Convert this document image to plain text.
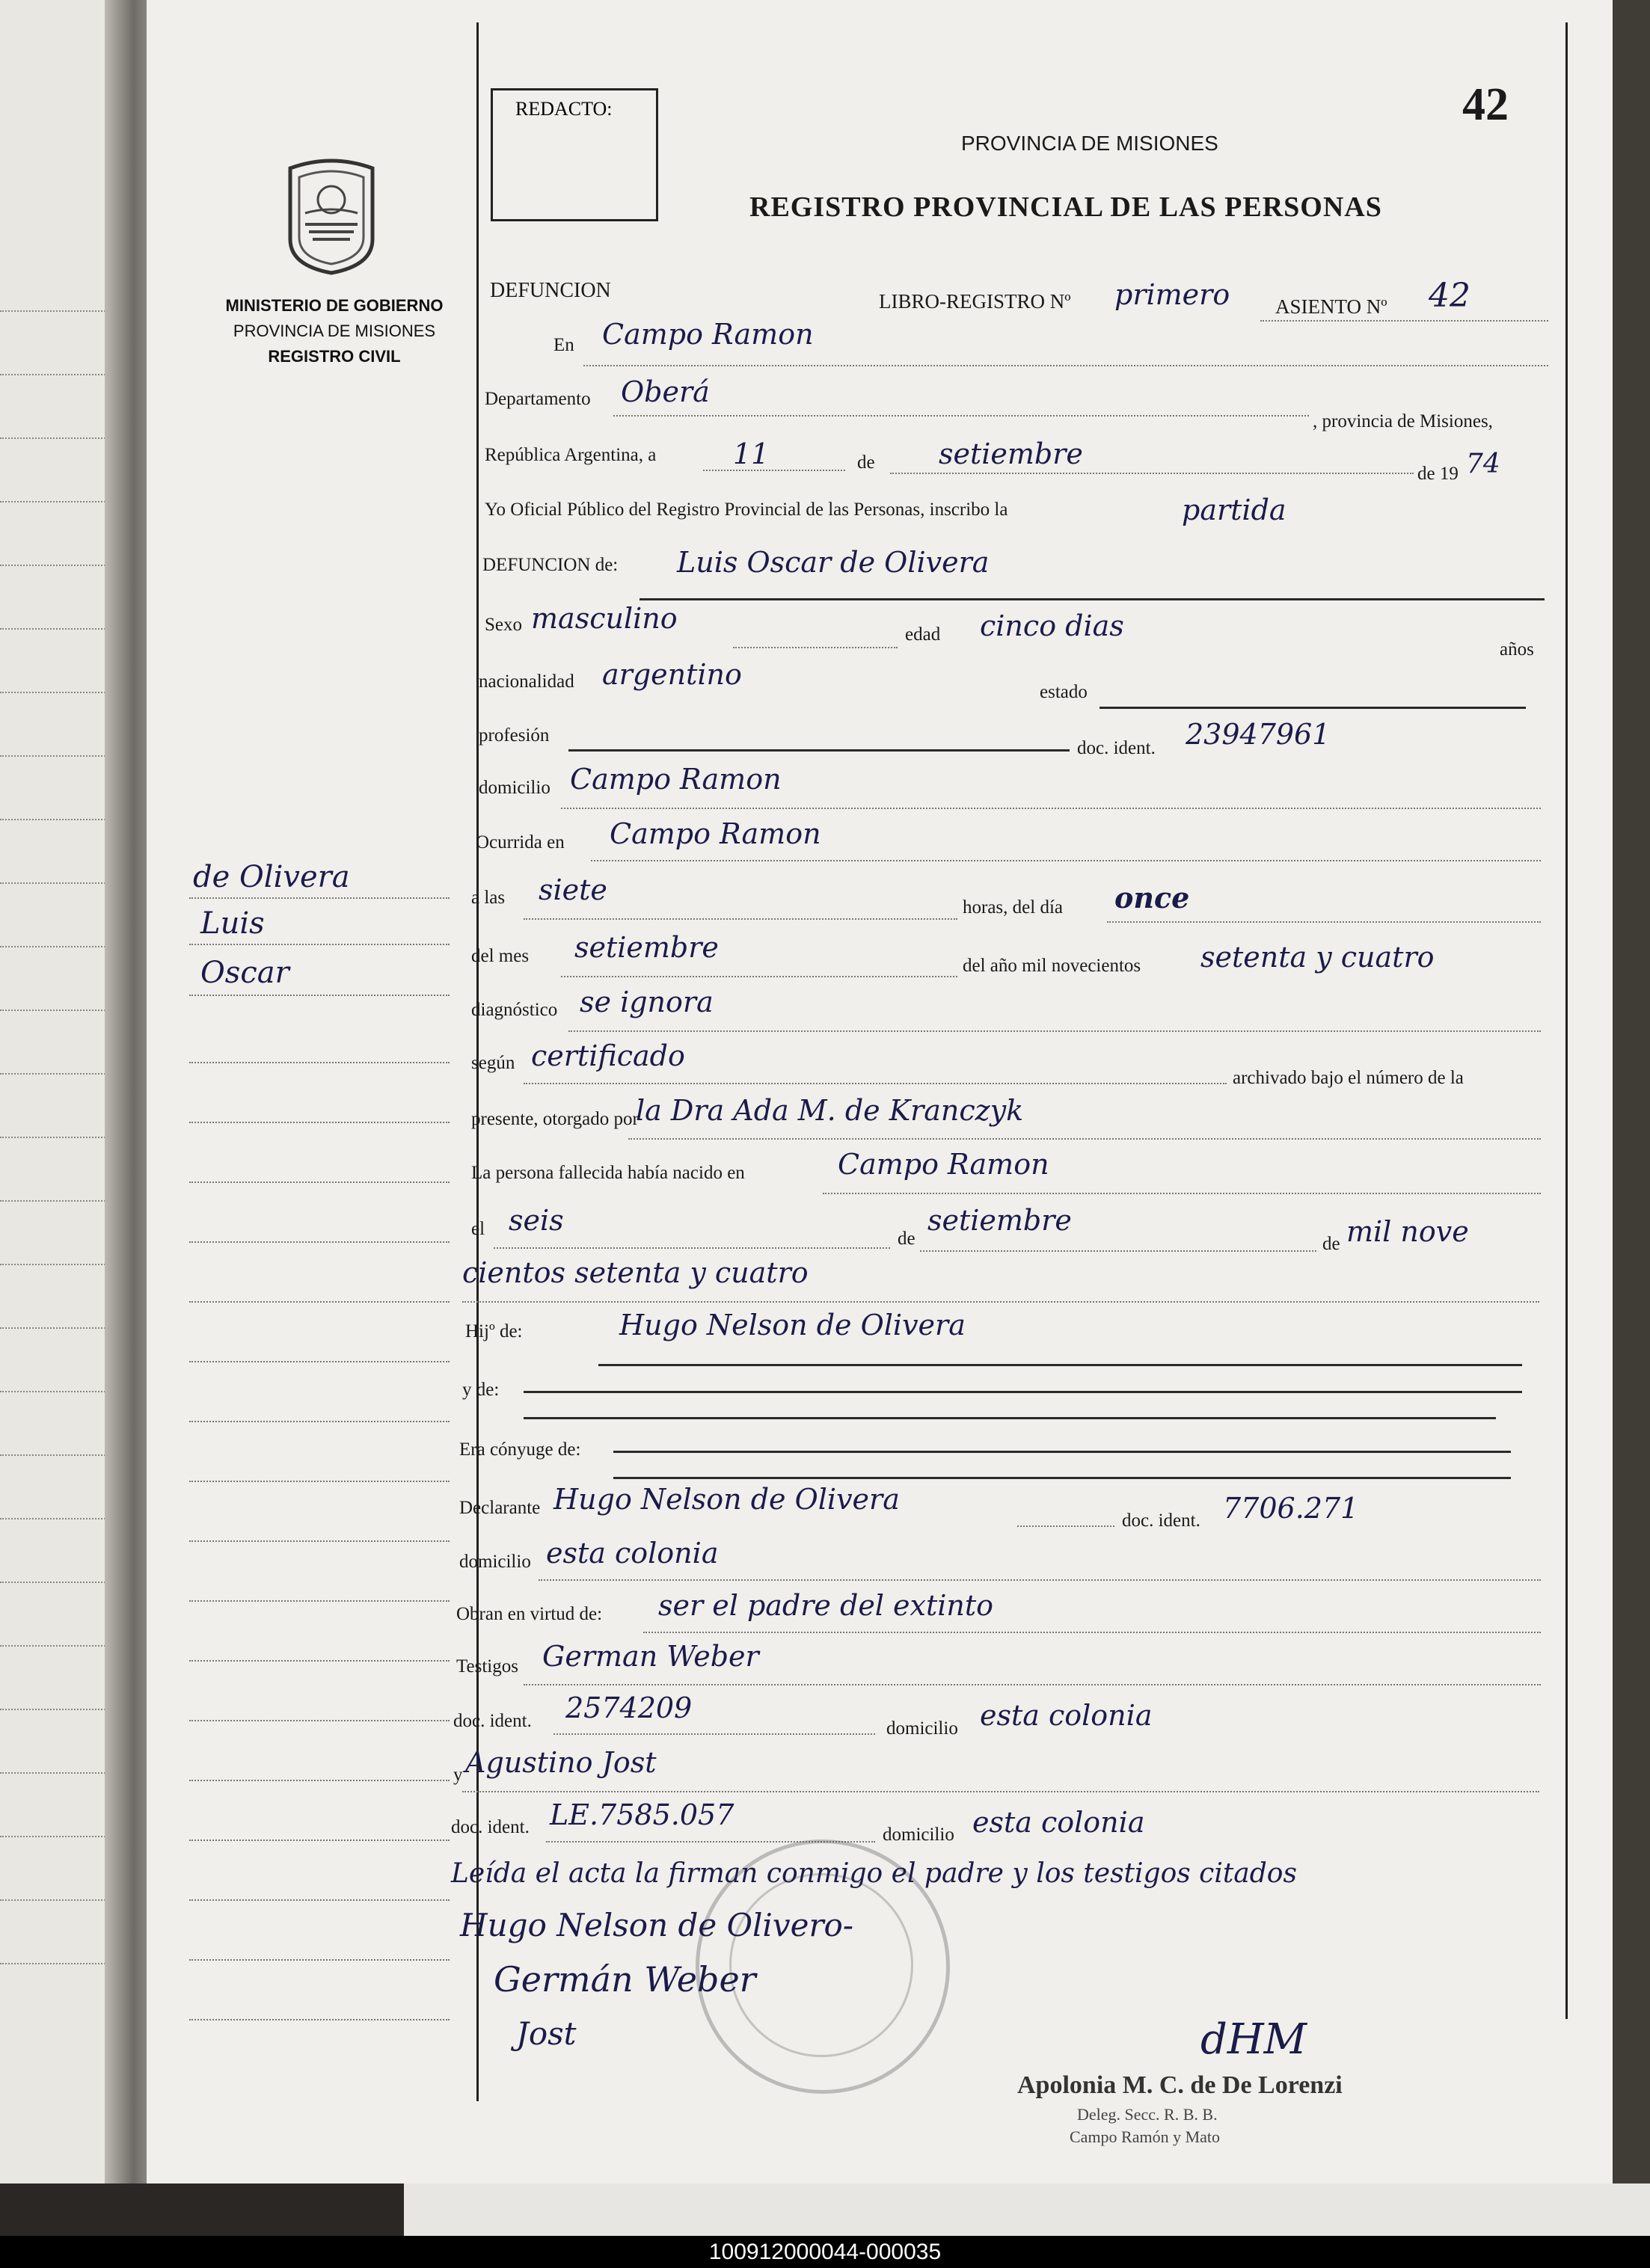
REDACTO:	42
PROVINCIA DE MISIONES
REGISTRO PROVINCIAL DE LAS PERSONAS
MINISTERIO DE GOBIERNO
PROVINCIA DE MISIONES
REGISTRO CIVIL
de Olivera
Luis
Oscar
DEFUNCION	LIBRO-REGISTRO Nº primero ASIENTO Nº 42
En Campo Ramon
Departamento Oberá
, provincia de Misiones,
República Argentina, a	11	de setiembre
de 19 74
Yo Oficial Público del Registro Provincial de las Personas, inscribo la	partida
DEFUNCION de: Luis Oscar de Olivera
Sexo masculino	edad cinco dias
años
nacionalidad argentino
estado
profesión
doc. ident. 23947961
domicilio Campo Ramon
Ocurrida en Campo Ramon
a las siete
horas, del día once
del mes setiembre
del año mil novecientos setenta y cuatro
diagnóstico se ignora
según certificado
archivado bajo el número de la
presente, otorgado por
la Dra Ada M. de Kranczyk
La persona fallecida había nacido en	Campo Ramon
el seis
de
setiembre
de mil nove
cientos setenta y cuatro
Hijº de:	Hugo Nelson de Olivera
y de:
Era cónyuge de:
Declarante Hugo Nelson de Olivera
doc. ident. 7706.271
domicilio esta colonia
Obran en virtud de: ser el padre del extinto
Testigos German Weber
doc. ident. 2574209
domicilio esta colonia
y Agustino Jost
doc. ident. LE.7585.057
domicilio esta colonia
Leída el acta la firman conmigo el padre y los testigos citados
Hugo Nelson de Olivero-
Germán Weber
Jost	dHM
Apolonia M. C. de De Lorenzi
Deleg. Secc. R. B. B.
Campo Ramón y Mato
100912000044-000035
